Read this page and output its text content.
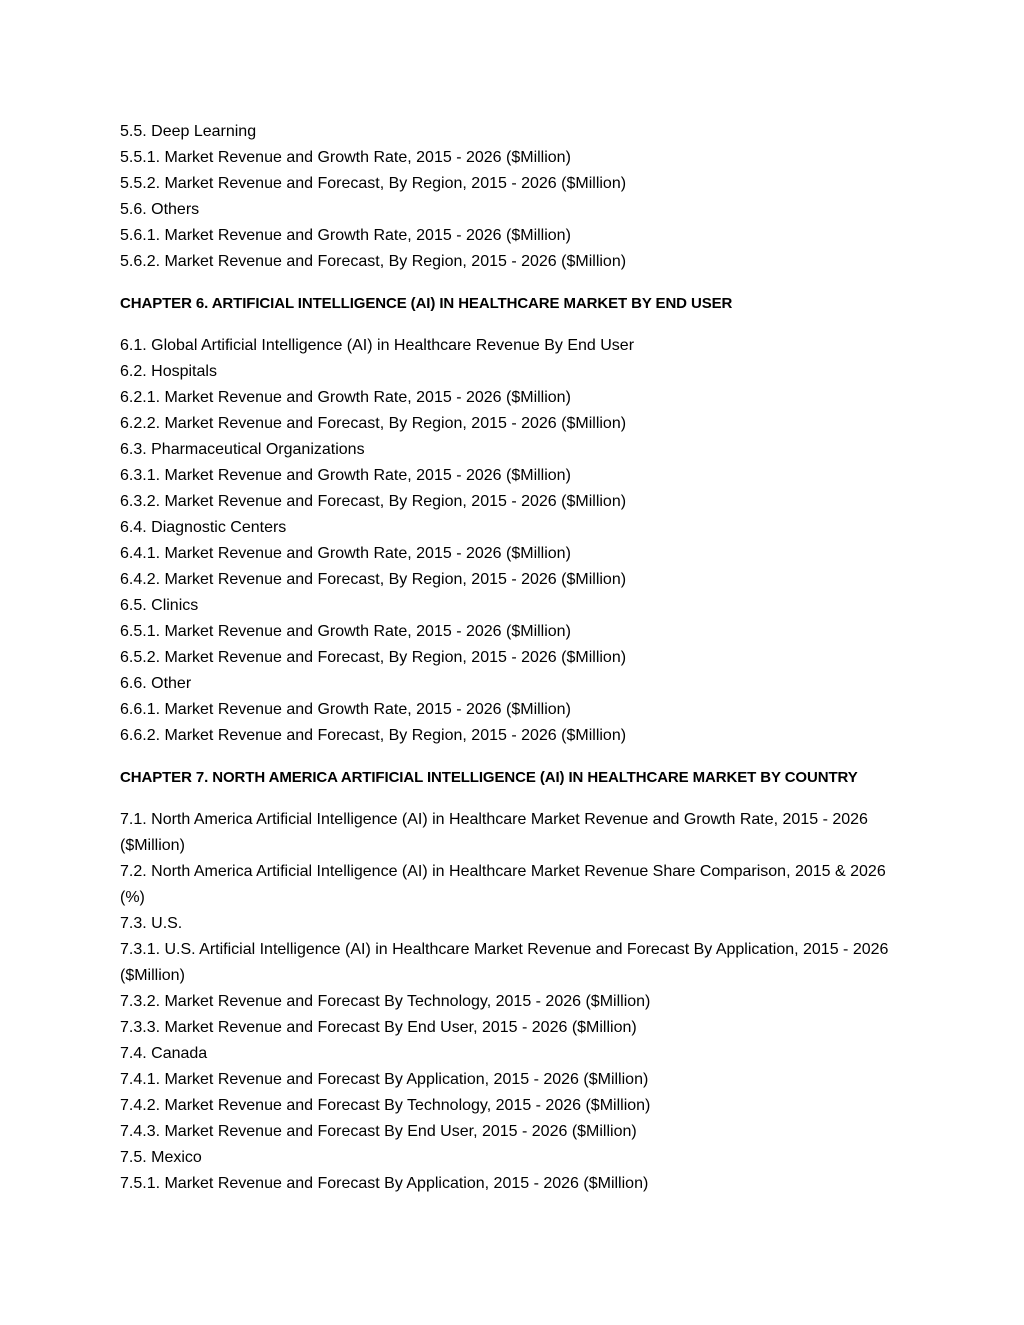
5.5. Deep Learning

5.5.1. Market Revenue and Growth Rate, 2015 - 2026 ($Million)

5.5.2. Market Revenue and Forecast, By Region, 2015 - 2026 ($Million)

5.6. Others

5.6.1. Market Revenue and Growth Rate, 2015 - 2026 ($Million)

5.6.2. Market Revenue and Forecast, By Region, 2015 - 2026 ($Million)

CHAPTER 6. ARTIFICIAL INTELLIGENCE (AI) IN HEALTHCARE MARKET BY END USER

6.1. Global Artificial Intelligence (AI) in Healthcare Revenue By End User

6.2. Hospitals

6.2.1. Market Revenue and Growth Rate, 2015 - 2026 ($Million)

6.2.2. Market Revenue and Forecast, By Region, 2015 - 2026 ($Million)

6.3. Pharmaceutical Organizations

6.3.1. Market Revenue and Growth Rate, 2015 - 2026 ($Million)

6.3.2. Market Revenue and Forecast, By Region, 2015 - 2026 ($Million)

6.4. Diagnostic Centers

6.4.1. Market Revenue and Growth Rate, 2015 - 2026 ($Million)

6.4.2. Market Revenue and Forecast, By Region, 2015 - 2026 ($Million)

6.5. Clinics

6.5.1. Market Revenue and Growth Rate, 2015 - 2026 ($Million)

6.5.2. Market Revenue and Forecast, By Region, 2015 - 2026 ($Million)

6.6. Other

6.6.1. Market Revenue and Growth Rate, 2015 - 2026 ($Million)

6.6.2. Market Revenue and Forecast, By Region, 2015 - 2026 ($Million)

CHAPTER 7. NORTH AMERICA ARTIFICIAL INTELLIGENCE (AI) IN HEALTHCARE MARKET BY COUNTRY

7.1. North America Artificial Intelligence (AI) in Healthcare Market Revenue and Growth Rate, 2015 - 2026 ($Million)

7.2. North America Artificial Intelligence (AI) in Healthcare Market Revenue Share Comparison, 2015 & 2026 (%)

7.3. U.S.

7.3.1. U.S. Artificial Intelligence (AI) in Healthcare Market Revenue and Forecast By Application, 2015 - 2026 ($Million)

7.3.2. Market Revenue and Forecast By Technology, 2015 - 2026 ($Million)

7.3.3. Market Revenue and Forecast By End User, 2015 - 2026 ($Million)

7.4. Canada

7.4.1. Market Revenue and Forecast By Application, 2015 - 2026 ($Million)

7.4.2. Market Revenue and Forecast By Technology, 2015 - 2026 ($Million)

7.4.3. Market Revenue and Forecast By End User, 2015 - 2026 ($Million)

7.5. Mexico

7.5.1. Market Revenue and Forecast By Application, 2015 - 2026 ($Million)
